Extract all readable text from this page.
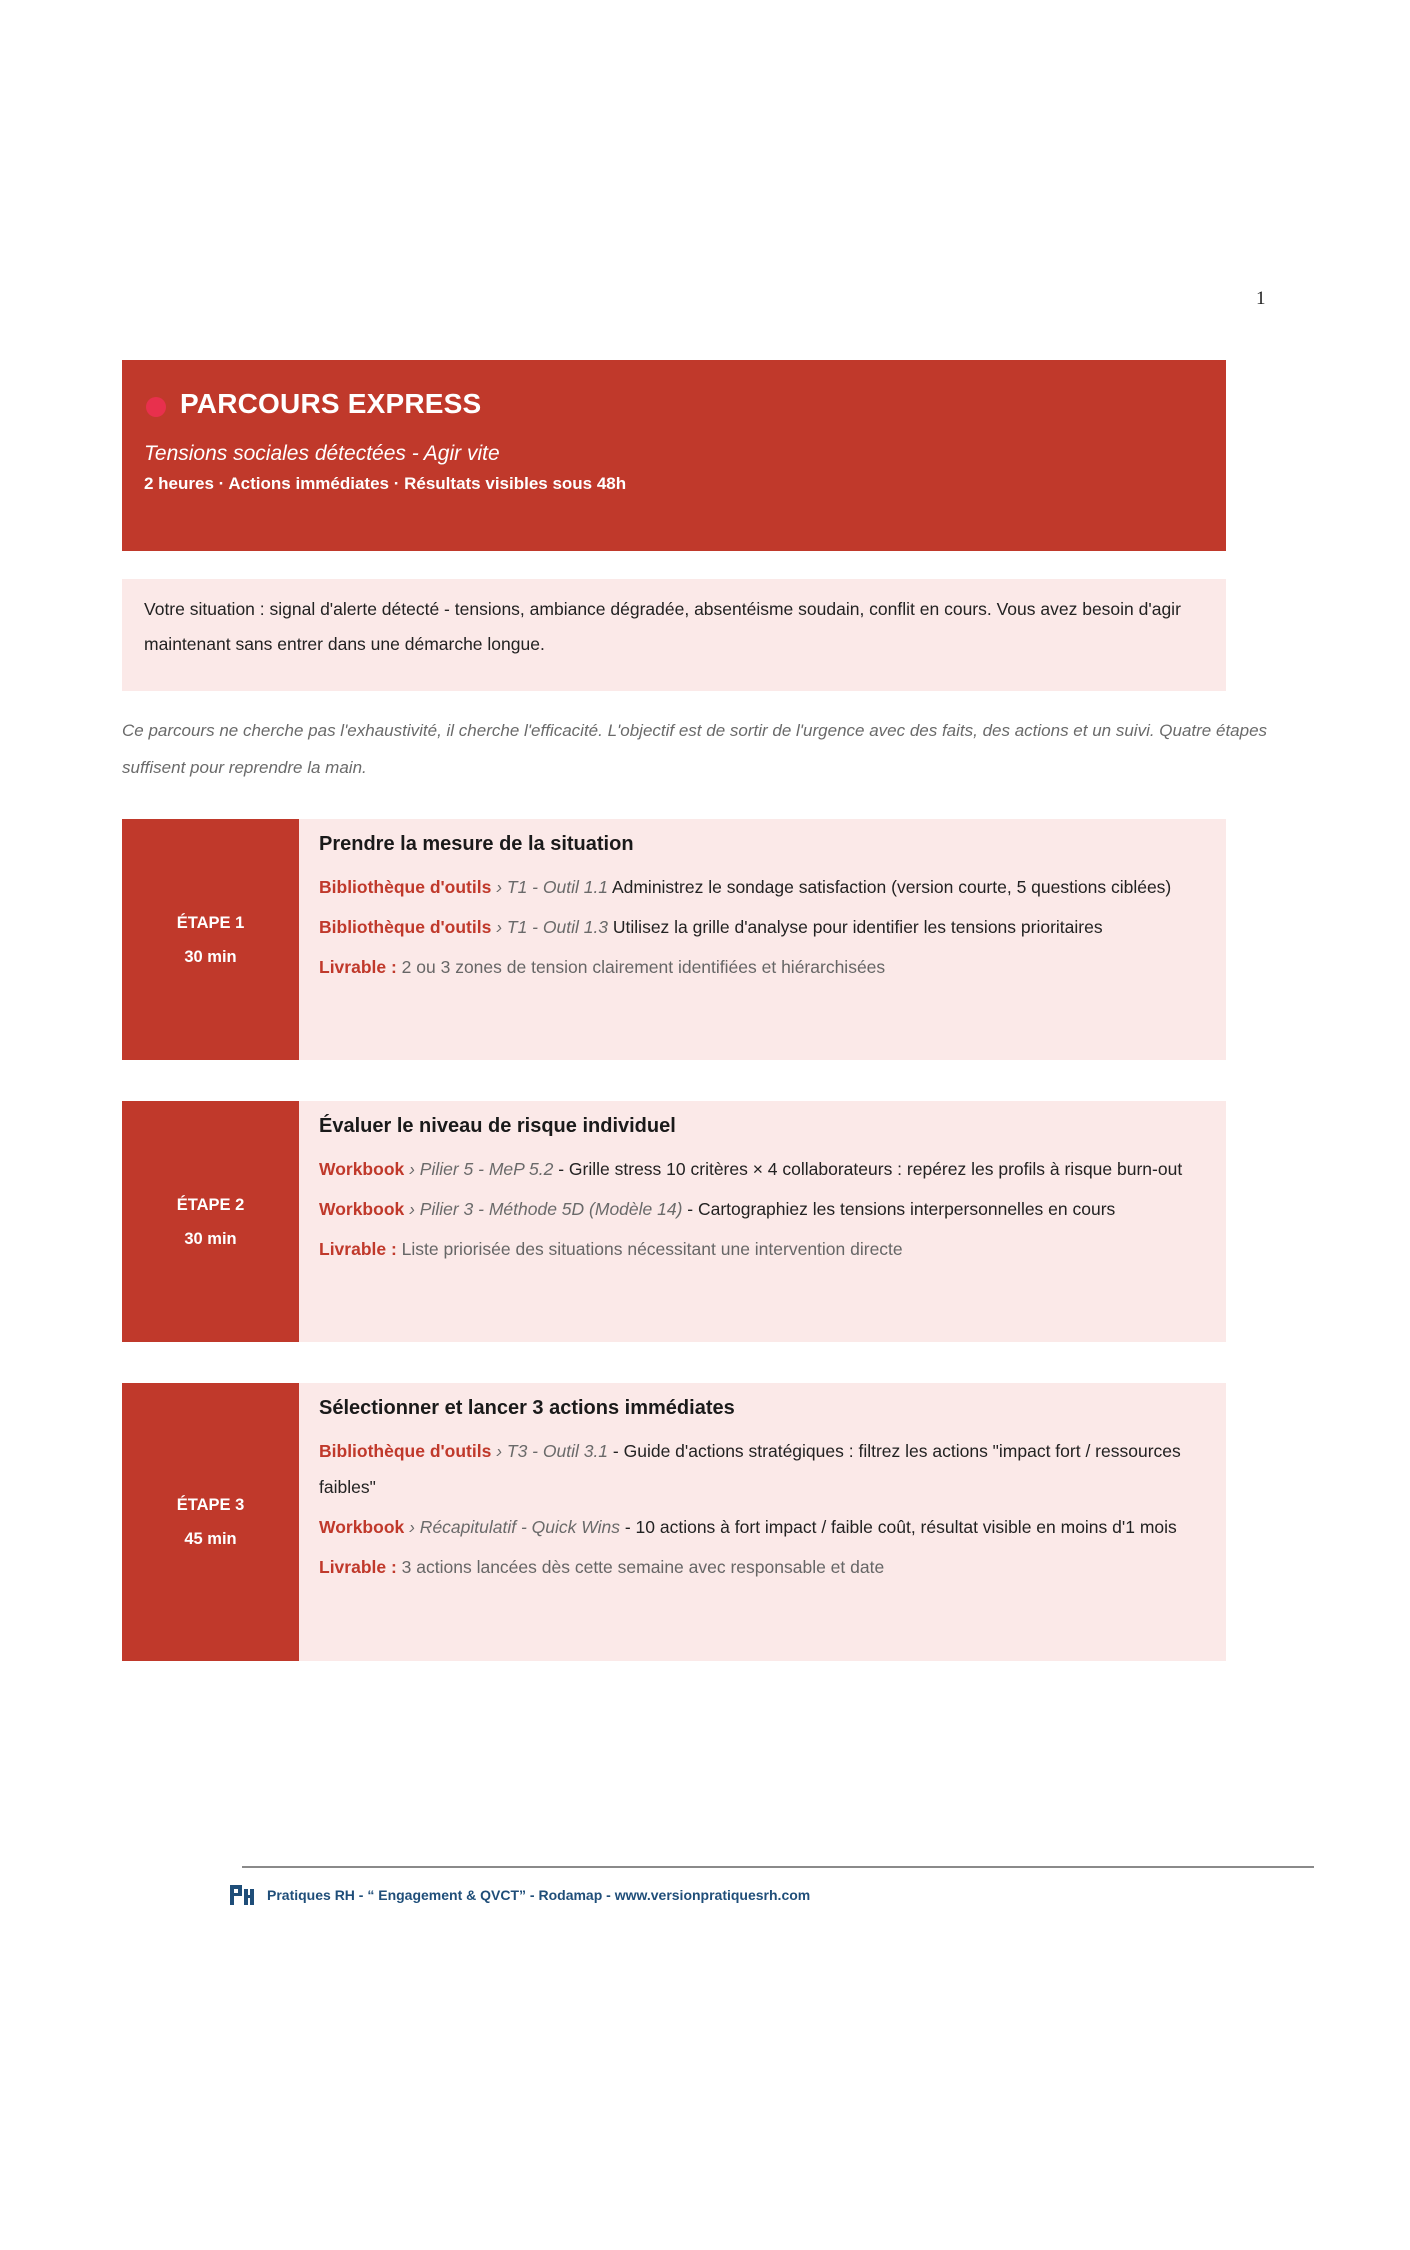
1
PARCOURS EXPRESS
Tensions sociales détectées - Agir vite
2 heures · Actions immédiates · Résultats visibles sous 48h
Votre situation : signal d'alerte détecté - tensions, ambiance dégradée, absentéisme soudain, conflit en cours. Vous avez besoin d'agir maintenant sans entrer dans une démarche longue.
Ce parcours ne cherche pas l'exhaustivité, il cherche l'efficacité. L'objectif est de sortir de l'urgence avec des faits, des actions et un suivi. Quatre étapes suffisent pour reprendre la main.
ÉTAPE 1
30 min
Prendre la mesure de la situation
Bibliothèque d'outils › T1 - Outil 1.1 Administrez le sondage satisfaction (version courte, 5 questions ciblées)
Bibliothèque d'outils › T1 - Outil 1.3 Utilisez la grille d'analyse pour identifier les tensions prioritaires
Livrable : 2 ou 3 zones de tension clairement identifiées et hiérarchisées
ÉTAPE 2
30 min
Évaluer le niveau de risque individuel
Workbook › Pilier 5 - MeP 5.2 - Grille stress 10 critères × 4 collaborateurs : repérez les profils à risque burn-out
Workbook › Pilier 3 - Méthode 5D (Modèle 14) - Cartographiez les tensions interpersonnelles en cours
Livrable : Liste priorisée des situations nécessitant une intervention directe
ÉTAPE 3
45 min
Sélectionner et lancer 3 actions immédiates
Bibliothèque d'outils › T3 - Outil 3.1 - Guide d'actions stratégiques : filtrez les actions "impact fort / ressources faibles"
Workbook › Récapitulatif - Quick Wins - 10 actions à fort impact / faible coût, résultat visible en moins d'1 mois
Livrable : 3 actions lancées dès cette semaine avec responsable et date
Pratiques RH - “ Engagement & QVCT” - Rodamap - www.versionpratiquesrh.com
